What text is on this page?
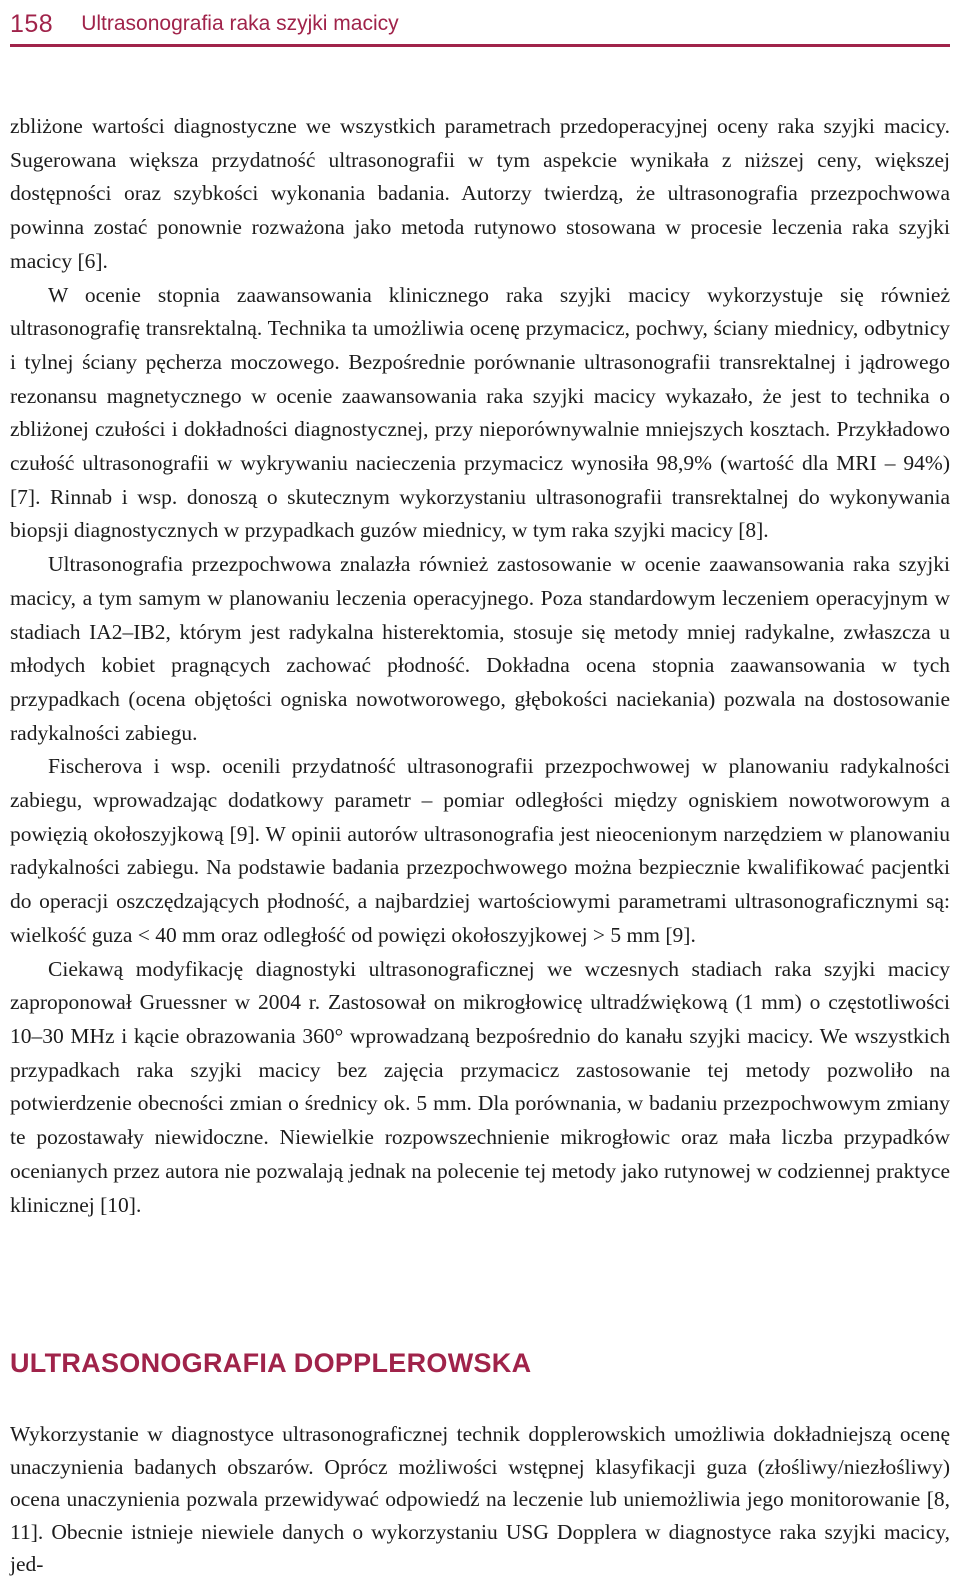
158 Ultrasonografia raka szyjki macicy

zbliżone wartości diagnostyczne we wszystkich parametrach przedoperacyjnej oceny raka szyjki macicy. Sugerowana większa przydatność ultrasonografii w tym aspekcie wynikała z niższej ceny, większej dostępności oraz szybkości wykonania badania. Autorzy twierdzą, że ultrasonografia przezpochwowa powinna zostać ponownie rozważona jako metoda rutynowo stosowana w procesie leczenia raka szyjki macicy [6].

W ocenie stopnia zaawansowania klinicznego raka szyjki macicy wykorzystuje się również ultrasonografię transrektalną. Technika ta umożliwia ocenę przymacicz, pochwy, ściany miednicy, odbytnicy i tylnej ściany pęcherza moczowego. Bezpośrednie porównanie ultrasonografii transrektalnej i jądrowego rezonansu magnetycznego w ocenie zaawansowania raka szyjki macicy wykazało, że jest to technika o zbliżonej czułości i dokładności diagnostycznej, przy nieporównywalnie mniejszych kosztach. Przykładowo czułość ultrasonografii w wykrywaniu nacieczenia przymacicz wynosiła 98,9% (wartość dla MRI – 94%) [7]. Rinnab i wsp. donoszą o skutecznym wykorzystaniu ultrasonografii transrektalnej do wykonywania biopsji diagnostycznych w przypadkach guzów miednicy, w tym raka szyjki macicy [8].

Ultrasonografia przezpochwowa znalazła również zastosowanie w ocenie zaawansowania raka szyjki macicy, a tym samym w planowaniu leczenia operacyjnego. Poza standardowym leczeniem operacyjnym w stadiach IA2–IB2, którym jest radykalna histerektomia, stosuje się metody mniej radykalne, zwłaszcza u młodych kobiet pragnących zachować płodność. Dokładna ocena stopnia zaawansowania w tych przypadkach (ocena objętości ogniska nowotworowego, głębokości naciekania) pozwala na dostosowanie radykalności zabiegu.

Fischerova i wsp. ocenili przydatność ultrasonografii przezpochwowej w planowaniu radykalności zabiegu, wprowadzając dodatkowy parametr – pomiar odległości między ogniskiem nowotworowym a powięzią okołoszyjkową [9]. W opinii autorów ultrasonografia jest nieocenionym narzędziem w planowaniu radykalności zabiegu. Na podstawie badania przezpochwowego można bezpiecznie kwalifikować pacjentki do operacji oszczędzających płodność, a najbardziej wartościowymi parametrami ultrasonograficznymi są: wielkość guza < 40 mm oraz odległość od powięzi okołoszyjkowej > 5 mm [9].

Ciekawą modyfikację diagnostyki ultrasonograficznej we wczesnych stadiach raka szyjki macicy zaproponował Gruessner w 2004 r. Zastosował on mikrogłowicę ultradźwiękową (1 mm) o częstotliwości 10–30 MHz i kącie obrazowania 360° wprowadzaną bezpośrednio do kanału szyjki macicy. We wszystkich przypadkach raka szyjki macicy bez zajęcia przymacicz zastosowanie tej metody pozwoliło na potwierdzenie obecności zmian o średnicy ok. 5 mm. Dla porównania, w badaniu przezpochwowym zmiany te pozostawały niewidoczne. Niewielkie rozpowszechnienie mikrogłowic oraz mała liczba przypadków ocenianych przez autora nie pozwalają jednak na polecenie tej metody jako rutynowej w codziennej praktyce klinicznej [10].

ULTRASONOGRAFIA DOPPLEROWSKA

Wykorzystanie w diagnostyce ultrasonograficznej technik dopplerowskich umożliwia dokładniejszą ocenę unaczynienia badanych obszarów. Oprócz możliwości wstępnej klasyfikacji guza (złośliwy/niezłośliwy) ocena unaczynienia pozwala przewidywać odpowiedź na leczenie lub uniemożliwia jego monitorowanie [8, 11]. Obecnie istnieje niewiele danych o wykorzystaniu USG Dopplera w diagnostyce raka szyjki macicy, jed-
